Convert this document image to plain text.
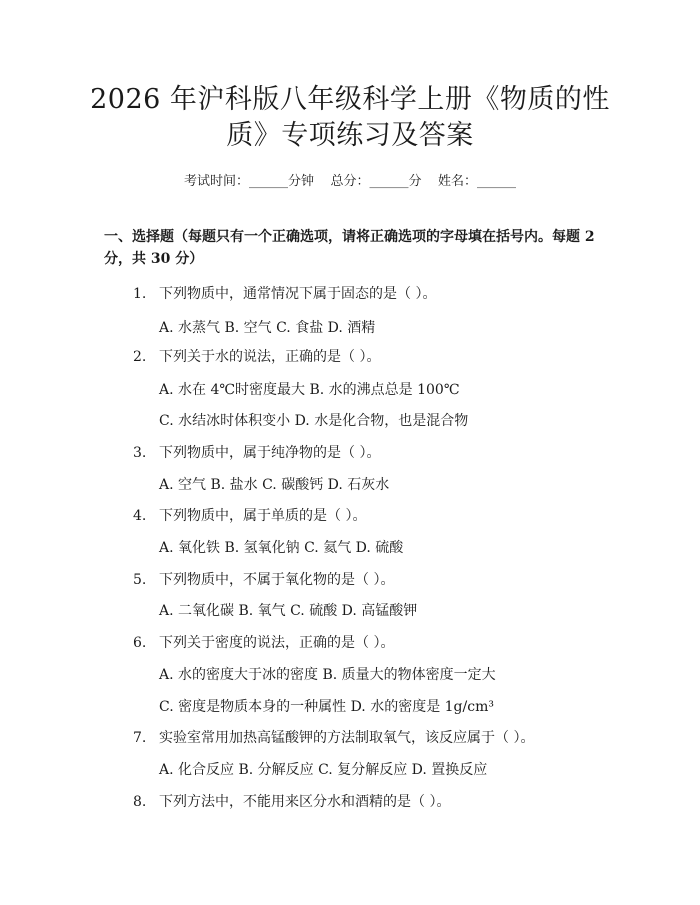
2026 年沪科版八年级科学上册《物质的性
质》专项练习及答案
考试时间：______分钟    总分：______分    姓名：______
一、选择题（每题只有一个正确选项，请将正确选项的字母填在括号内。每题 2 分，共 30 分）
1. 下列物质中，通常情况下属于固态的是（ ）。
A. 水蒸气 B. 空气 C. 食盐 D. 酒精
2. 下列关于水的说法，正确的是（ ）。
A. 水在 4℃时密度最大 B. 水的沸点总是 100℃
C. 水结冰时体积变小 D. 水是化合物，也是混合物
3. 下列物质中，属于纯净物的是（ ）。
A. 空气 B. 盐水 C. 碳酸钙 D. 石灰水
4. 下列物质中，属于单质的是（ ）。
A. 氧化铁 B. 氢氧化钠 C. 氦气 D. 硫酸
5. 下列物质中，不属于氧化物的是（ ）。
A. 二氧化碳 B. 氧气 C. 硫酸 D. 高锰酸钾
6. 下列关于密度的说法，正确的是（ ）。
A. 水的密度大于冰的密度 B. 质量大的物体密度一定大
C. 密度是物质本身的一种属性 D. 水的密度是 1g/cm³
7. 实验室常用加热高锰酸钾的方法制取氧气，该反应属于（ ）。
A. 化合反应 B. 分解反应 C. 复分解反应 D. 置换反应
8. 下列方法中，不能用来区分水和酒精的是（ ）。
